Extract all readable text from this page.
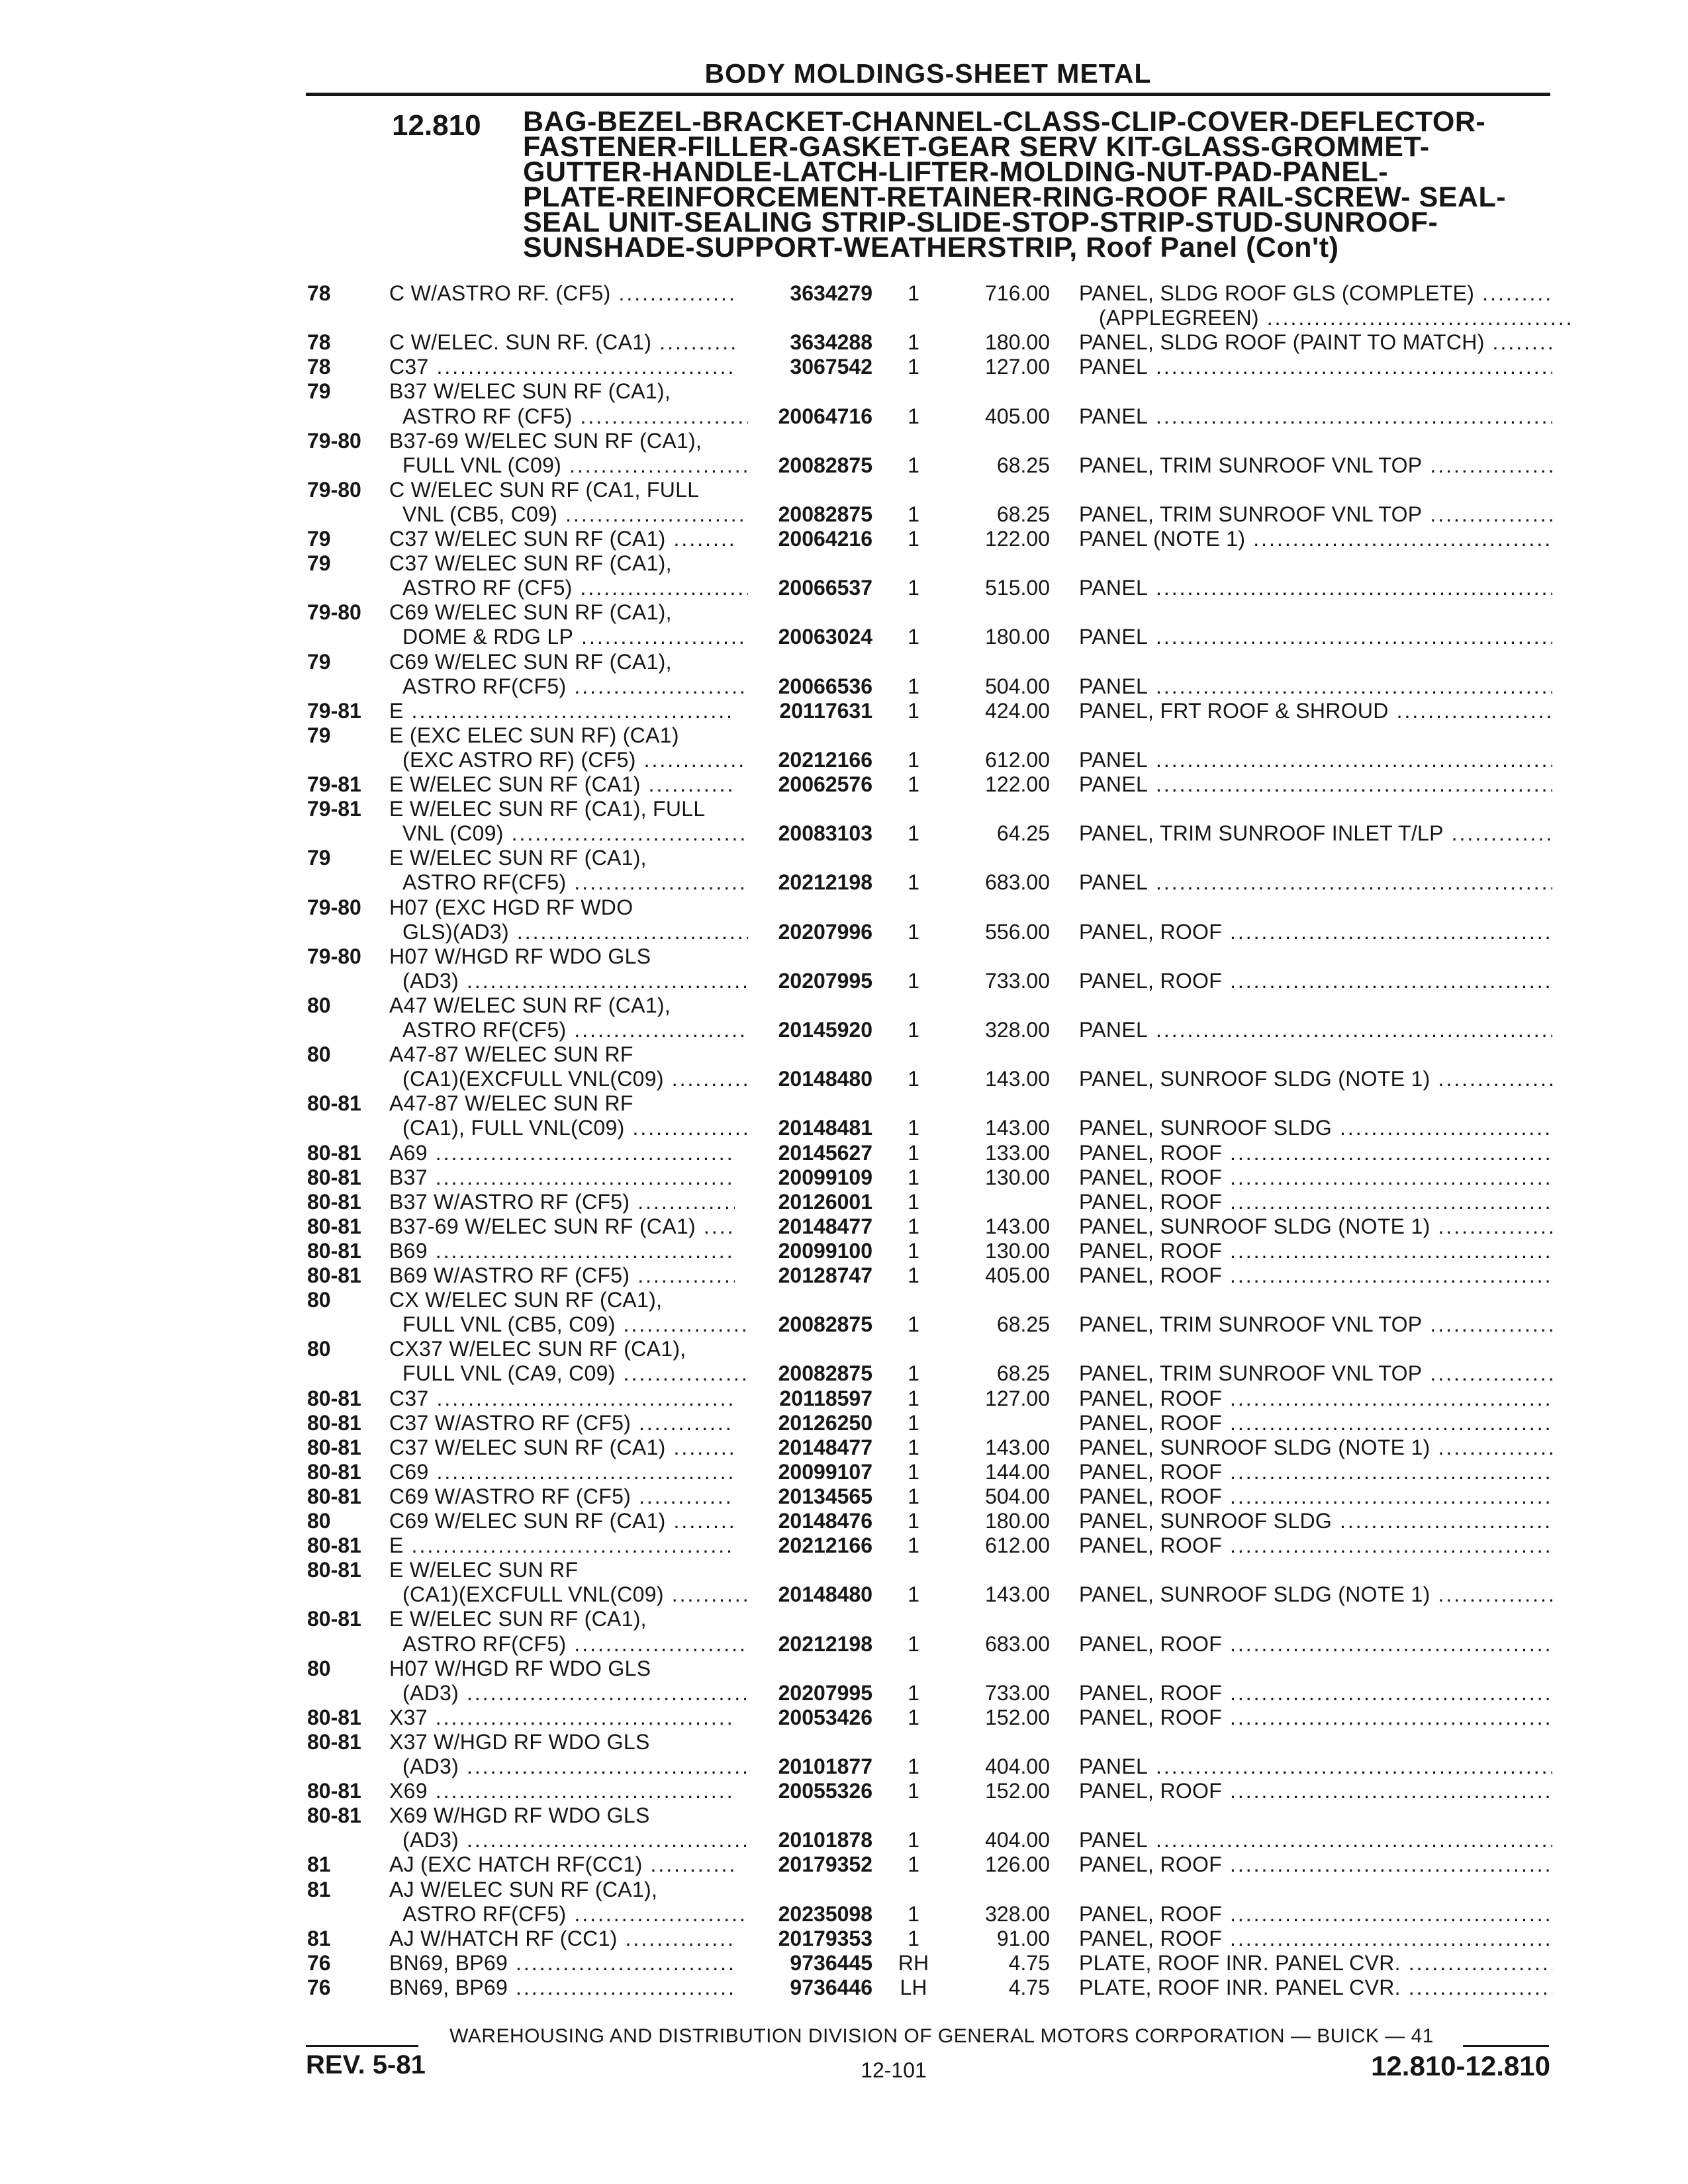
BODY MOLDINGS-SHEET METAL
12.810 BAG-BEZEL-BRACKET-CHANNEL-CLASS-CLIP-COVER-DEFLECTOR-
FASTENER-FILLER-GASKET-GEAR SERV KIT-GLASS-GROMMET-
GUTTER-HANDLE-LATCH-LIFTER-MOLDING-NUT-PAD-PANEL-
PLATE-REINFORCEMENT-RETAINER-RING-ROOF RAIL-SCREW- SEAL-
SEAL UNIT-SEALING STRIP-SLIDE-STOP-STRIP-STUD-SUNROOF-
SUNSHADE-SUPPORT-WEATHERSTRIP, Roof Panel (Con't)
78	C W/ASTRO RF. (CF5) .....	3634279	1	716.00 PANEL, SLDG ROOF GLS (COMPLETE) .....
(APPLEGREEN) .....
78	C W/ELEC. SUN RF. (CA1) .....	3634288	1	180.00 PANEL, SLDG ROOF (PAINT TO MATCH) .....
78	C37 .....	3067542	1	127.00 PANEL .....
79	B37 W/ELEC SUN RF (CA1),
ASTRO RF (CF5) .....	20064716	1	405.00 PANEL .....
79-80 B37-69 W/ELEC SUN RF (CA1),
FULL VNL (C09) .....	20082875	1	68.25 PANEL, TRIM SUNROOF VNL TOP .....
79-80 C W/ELEC SUN RF (CA1, FULL
VNL (CB5, C09) .....	20082875	1	68.25 PANEL, TRIM SUNROOF VNL TOP .....
79	C37 W/ELEC SUN RF (CA1) .....	20064216	1	122.00 PANEL (NOTE 1) .....
79	C37 W/ELEC SUN RF (CA1),
ASTRO RF (CF5) .....	20066537	1	515.00 PANEL .....
79-80 C69 W/ELEC SUN RF (CA1),
DOME & RDG LP .....	20063024	1	180.00 PANEL .....
79	C69 W/ELEC SUN RF (CA1),
ASTRO RF(CF5) .....	20066536	1	504.00 PANEL .....
79-81 E .....	20117631	1	424.00 PANEL, FRT ROOF & SHROUD .....
79	E (EXC ELEC SUN RF) (CA1)
(EXC ASTRO RF) (CF5) .....	20212166	1	612.00 PANEL .....
79-81 E W/ELEC SUN RF (CA1) .....	20062576	1	122.00 PANEL .....
79-81 E W/ELEC SUN RF (CA1), FULL
VNL (C09) .....	20083103	1	64.25 PANEL, TRIM SUNROOF INLET T/LP .....
79	E W/ELEC SUN RF (CA1),
ASTRO RF(CF5) .....	20212198	1	683.00 PANEL .....
79-80 H07 (EXC HGD RF WDO
GLS)(AD3) .....	20207996	1	556.00 PANEL, ROOF .....
79-80 H07 W/HGD RF WDO GLS
(AD3) .....	20207995	1	733.00 PANEL, ROOF .....
80	A47 W/ELEC SUN RF (CA1),
ASTRO RF(CF5) .....	20145920	1	328.00 PANEL .....
80	A47-87 W/ELEC SUN RF
(CA1)(EXCFULL VNL(C09) .....	20148480	1	143.00 PANEL, SUNROOF SLDG (NOTE 1) .....
80-81 A47-87 W/ELEC SUN RF
(CA1), FULL VNL(C09) .....	20148481	1	143.00 PANEL, SUNROOF SLDG .....
80-81 A69 .....	20145627	1	133.00 PANEL, ROOF .....
80-81 B37 .....	20099109	1	130.00 PANEL, ROOF .....
80-81 B37 W/ASTRO RF (CF5) .....	20126001	1	PANEL, ROOF .....
80-81 B37-69 W/ELEC SUN RF (CA1) .....	20148477	1	143.00 PANEL, SUNROOF SLDG (NOTE 1) .....
80-81 B69 .....	20099100	1	130.00 PANEL, ROOF .....
80-81 B69 W/ASTRO RF (CF5) .....	20128747	1	405.00 PANEL, ROOF .....
80	CX W/ELEC SUN RF (CA1),
FULL VNL (CB5, C09) .....	20082875	1	68.25 PANEL, TRIM SUNROOF VNL TOP .....
80	CX37 W/ELEC SUN RF (CA1),
FULL VNL (CA9, C09) .....	20082875	1	68.25 PANEL, TRIM SUNROOF VNL TOP .....
80-81 C37 .....	20118597	1	127.00 PANEL, ROOF .....
80-81 C37 W/ASTRO RF (CF5) .....	20126250	1	PANEL, ROOF .....
80-81 C37 W/ELEC SUN RF (CA1) .....	20148477	1	143.00 PANEL, SUNROOF SLDG (NOTE 1) .....
80-81 C69 .....	20099107	1	144.00 PANEL, ROOF .....
80-81 C69 W/ASTRO RF (CF5) .....	20134565	1	504.00 PANEL, ROOF .....
80	C69 W/ELEC SUN RF (CA1) .....	20148476	1	180.00 PANEL, SUNROOF SLDG .....
80-81 E .....	20212166	1	612.00 PANEL, ROOF .....
80-81 E W/ELEC SUN RF
(CA1)(EXCFULL VNL(C09) .....	20148480	1	143.00 PANEL, SUNROOF SLDG (NOTE 1) .....
80-81 E W/ELEC SUN RF (CA1),
ASTRO RF(CF5) .....	20212198	1	683.00 PANEL, ROOF .....
80	H07 W/HGD RF WDO GLS
(AD3) .....	20207995	1	733.00 PANEL, ROOF .....
80-81 X37 .....	20053426	1	152.00 PANEL, ROOF .....
80-81 X37 W/HGD RF WDO GLS
(AD3) .....	20101877	1	404.00 PANEL .....
80-81 X69 .....	20055326	1	152.00 PANEL, ROOF .....
80-81 X69 W/HGD RF WDO GLS
(AD3) .....	20101878	1	404.00 PANEL .....
81	AJ (EXC HATCH RF(CC1) .....	20179352	1	126.00 PANEL, ROOF .....
81	AJ W/ELEC SUN RF (CA1),
ASTRO RF(CF5) .....	20235098	1	328.00 PANEL, ROOF .....
81	AJ W/HATCH RF (CC1) .....	20179353	1	91.00 PANEL, ROOF .....
76	BN69, BP69 .....	9736445 RH	4.75 PLATE, ROOF INR. PANEL CVR. .....
76	BN69, BP69 .....	9736446 LH	4.75 PLATE, ROOF INR. PANEL CVR. .....
WAREHOUSING AND DISTRIBUTION DIVISION OF GENERAL MOTORS CORPORATION — BUICK — 41
REV. 5-81	12-101	12.810-12.810
